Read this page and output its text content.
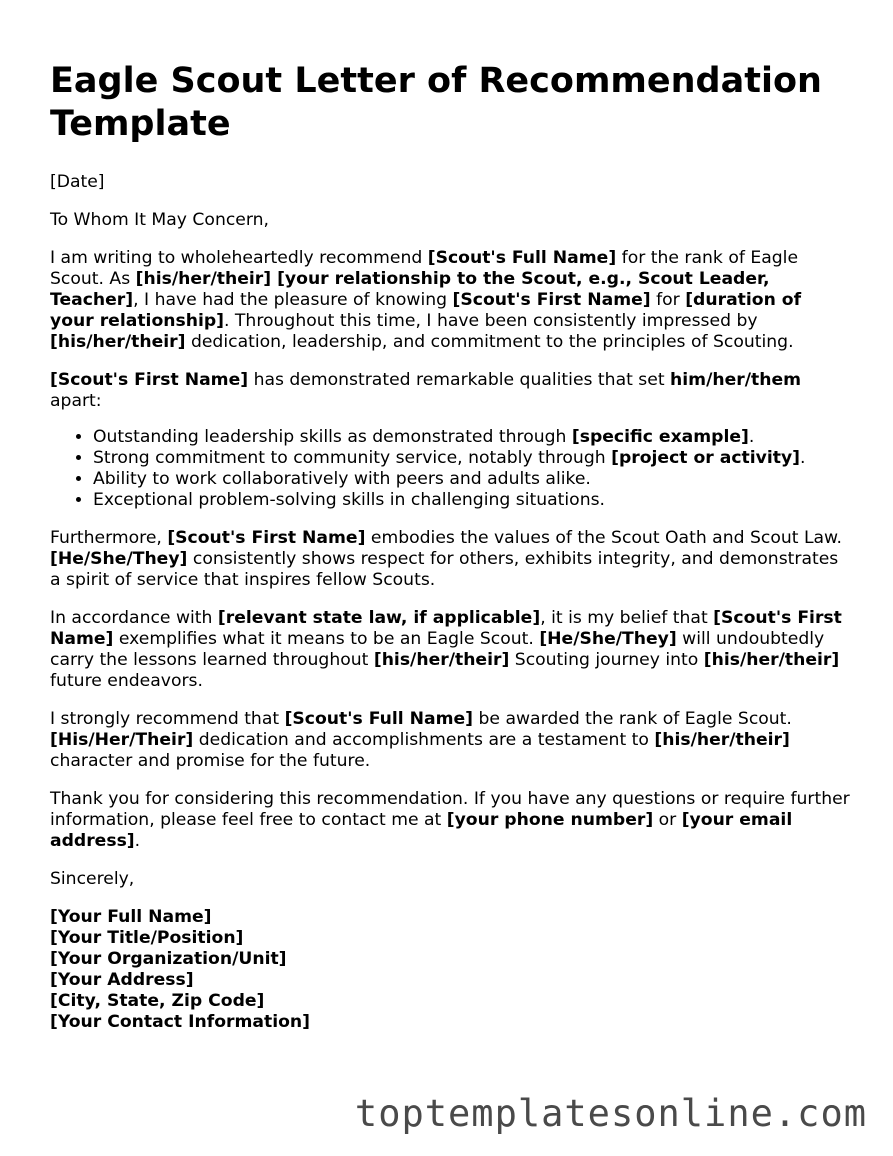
Eagle Scout Letter of Recommendation Template

[Date]

To Whom It May Concern,

I am writing to wholeheartedly recommend [Scout's Full Name] for the rank of Eagle Scout. As [his/her/their] [your relationship to the Scout, e.g., Scout Leader, Teacher], I have had the pleasure of knowing [Scout's First Name] for [duration of your relationship]. Throughout this time, I have been consistently impressed by [his/her/their] dedication, leadership, and commitment to the principles of Scouting.

[Scout's First Name] has demonstrated remarkable qualities that set him/her/them apart:

• Outstanding leadership skills as demonstrated through [specific example].
• Strong commitment to community service, notably through [project or activity].
• Ability to work collaboratively with peers and adults alike.
• Exceptional problem-solving skills in challenging situations.

Furthermore, [Scout's First Name] embodies the values of the Scout Oath and Scout Law. [He/She/They] consistently shows respect for others, exhibits integrity, and demonstrates a spirit of service that inspires fellow Scouts.

In accordance with [relevant state law, if applicable], it is my belief that [Scout's First Name] exemplifies what it means to be an Eagle Scout. [He/She/They] will undoubtedly carry the lessons learned throughout [his/her/their] Scouting journey into [his/her/their] future endeavors.

I strongly recommend that [Scout's Full Name] be awarded the rank of Eagle Scout. [His/Her/Their] dedication and accomplishments are a testament to [his/her/their] character and promise for the future.

Thank you for considering this recommendation. If you have any questions or require further information, please feel free to contact me at [your phone number] or [your email address].

Sincerely,

[Your Full Name]
[Your Title/Position]
[Your Organization/Unit]
[Your Address]
[City, State, Zip Code]
[Your Contact Information]
toptemplatesonline.com
